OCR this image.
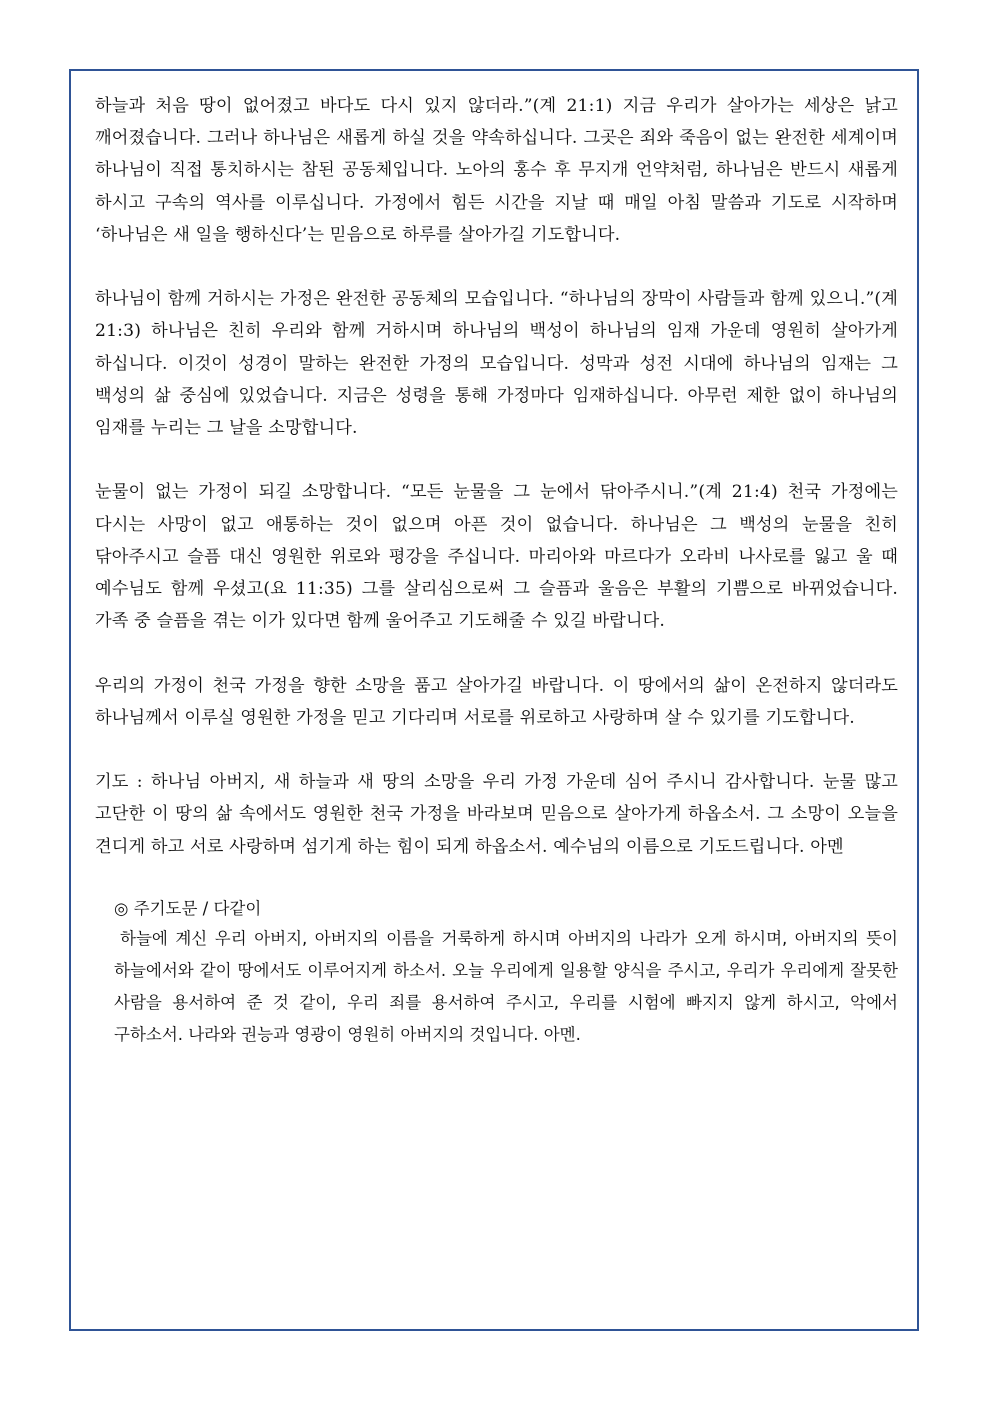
하늘과 처음 땅이 없어졌고 바다도 다시 있지 않더라.”(계 21:1) 지금 우리가 살아가는 세상은 낡고 깨어졌습니다. 그러나 하나님은 새롭게 하실 것을 약속하십니다. 그곳은 죄와 죽음이 없는 완전한 세계이며 하나님이 직접 통치하시는 참된 공동체입니다. 노아의 홍수 후 무지개 언약처럼, 하나님은 반드시 새롭게 하시고 구속의 역사를 이루십니다. 가정에서 힘든 시간을 지날 때 매일 아침 말씀과 기도로 시작하며 ‘하나님은 새 일을 행하신다’는 믿음으로 하루를 살아가길 기도합니다.

하나님이 함께 거하시는 가정은 완전한 공동체의 모습입니다. “하나님의 장막이 사람들과 함께 있으니.”(계 21:3) 하나님은 친히 우리와 함께 거하시며 하나님의 백성이 하나님의 임재 가운데 영원히 살아가게 하십니다. 이것이 성경이 말하는 완전한 가정의 모습입니다. 성막과 성전 시대에 하나님의 임재는 그 백성의 삶 중심에 있었습니다. 지금은 성령을 통해 가정마다 임재하십니다. 아무런 제한 없이 하나님의 임재를 누리는 그 날을 소망합니다.

눈물이 없는 가정이 되길 소망합니다. “모든 눈물을 그 눈에서 닦아주시니.”(계 21:4) 천국 가정에는 다시는 사망이 없고 애통하는 것이 없으며 아픈 것이 없습니다. 하나님은 그 백성의 눈물을 친히 닦아주시고 슬픔 대신 영원한 위로와 평강을 주십니다. 마리아와 마르다가 오라비 나사로를 잃고 울 때 예수님도 함께 우셨고(요 11:35) 그를 살리심으로써 그 슬픔과 울음은 부활의 기쁨으로 바뀌었습니다. 가족 중 슬픔을 겪는 이가 있다면 함께 울어주고 기도해줄 수 있길 바랍니다.

우리의 가정이 천국 가정을 향한 소망을 품고 살아가길 바랍니다. 이 땅에서의 삶이 온전하지 않더라도 하나님께서 이루실 영원한 가정을 믿고 기다리며 서로를 위로하고 사랑하며 살 수 있기를 기도합니다.

기도 : 하나님 아버지, 새 하늘과 새 땅의 소망을 우리 가정 가운데 심어 주시니 감사합니다. 눈물 많고 고단한 이 땅의 삶 속에서도 영원한 천국 가정을 바라보며 믿음으로 살아가게 하옵소서. 그 소망이 오늘을 견디게 하고 서로 사랑하며 섬기게 하는 힘이 되게 하옵소서. 예수님의 이름으로 기도드립니다. 아멘

◎ 주기도문 / 다같이

하늘에 계신 우리 아버지, 아버지의 이름을 거룩하게 하시며 아버지의 나라가 오게 하시며, 아버지의 뜻이 하늘에서와 같이 땅에서도 이루어지게 하소서. 오늘 우리에게 일용할 양식을 주시고, 우리가 우리에게 잘못한 사람을 용서하여 준 것 같이, 우리 죄를 용서하여 주시고, 우리를 시험에 빠지지 않게 하시고, 악에서 구하소서. 나라와 권능과 영광이 영원히 아버지의 것입니다. 아멘.
